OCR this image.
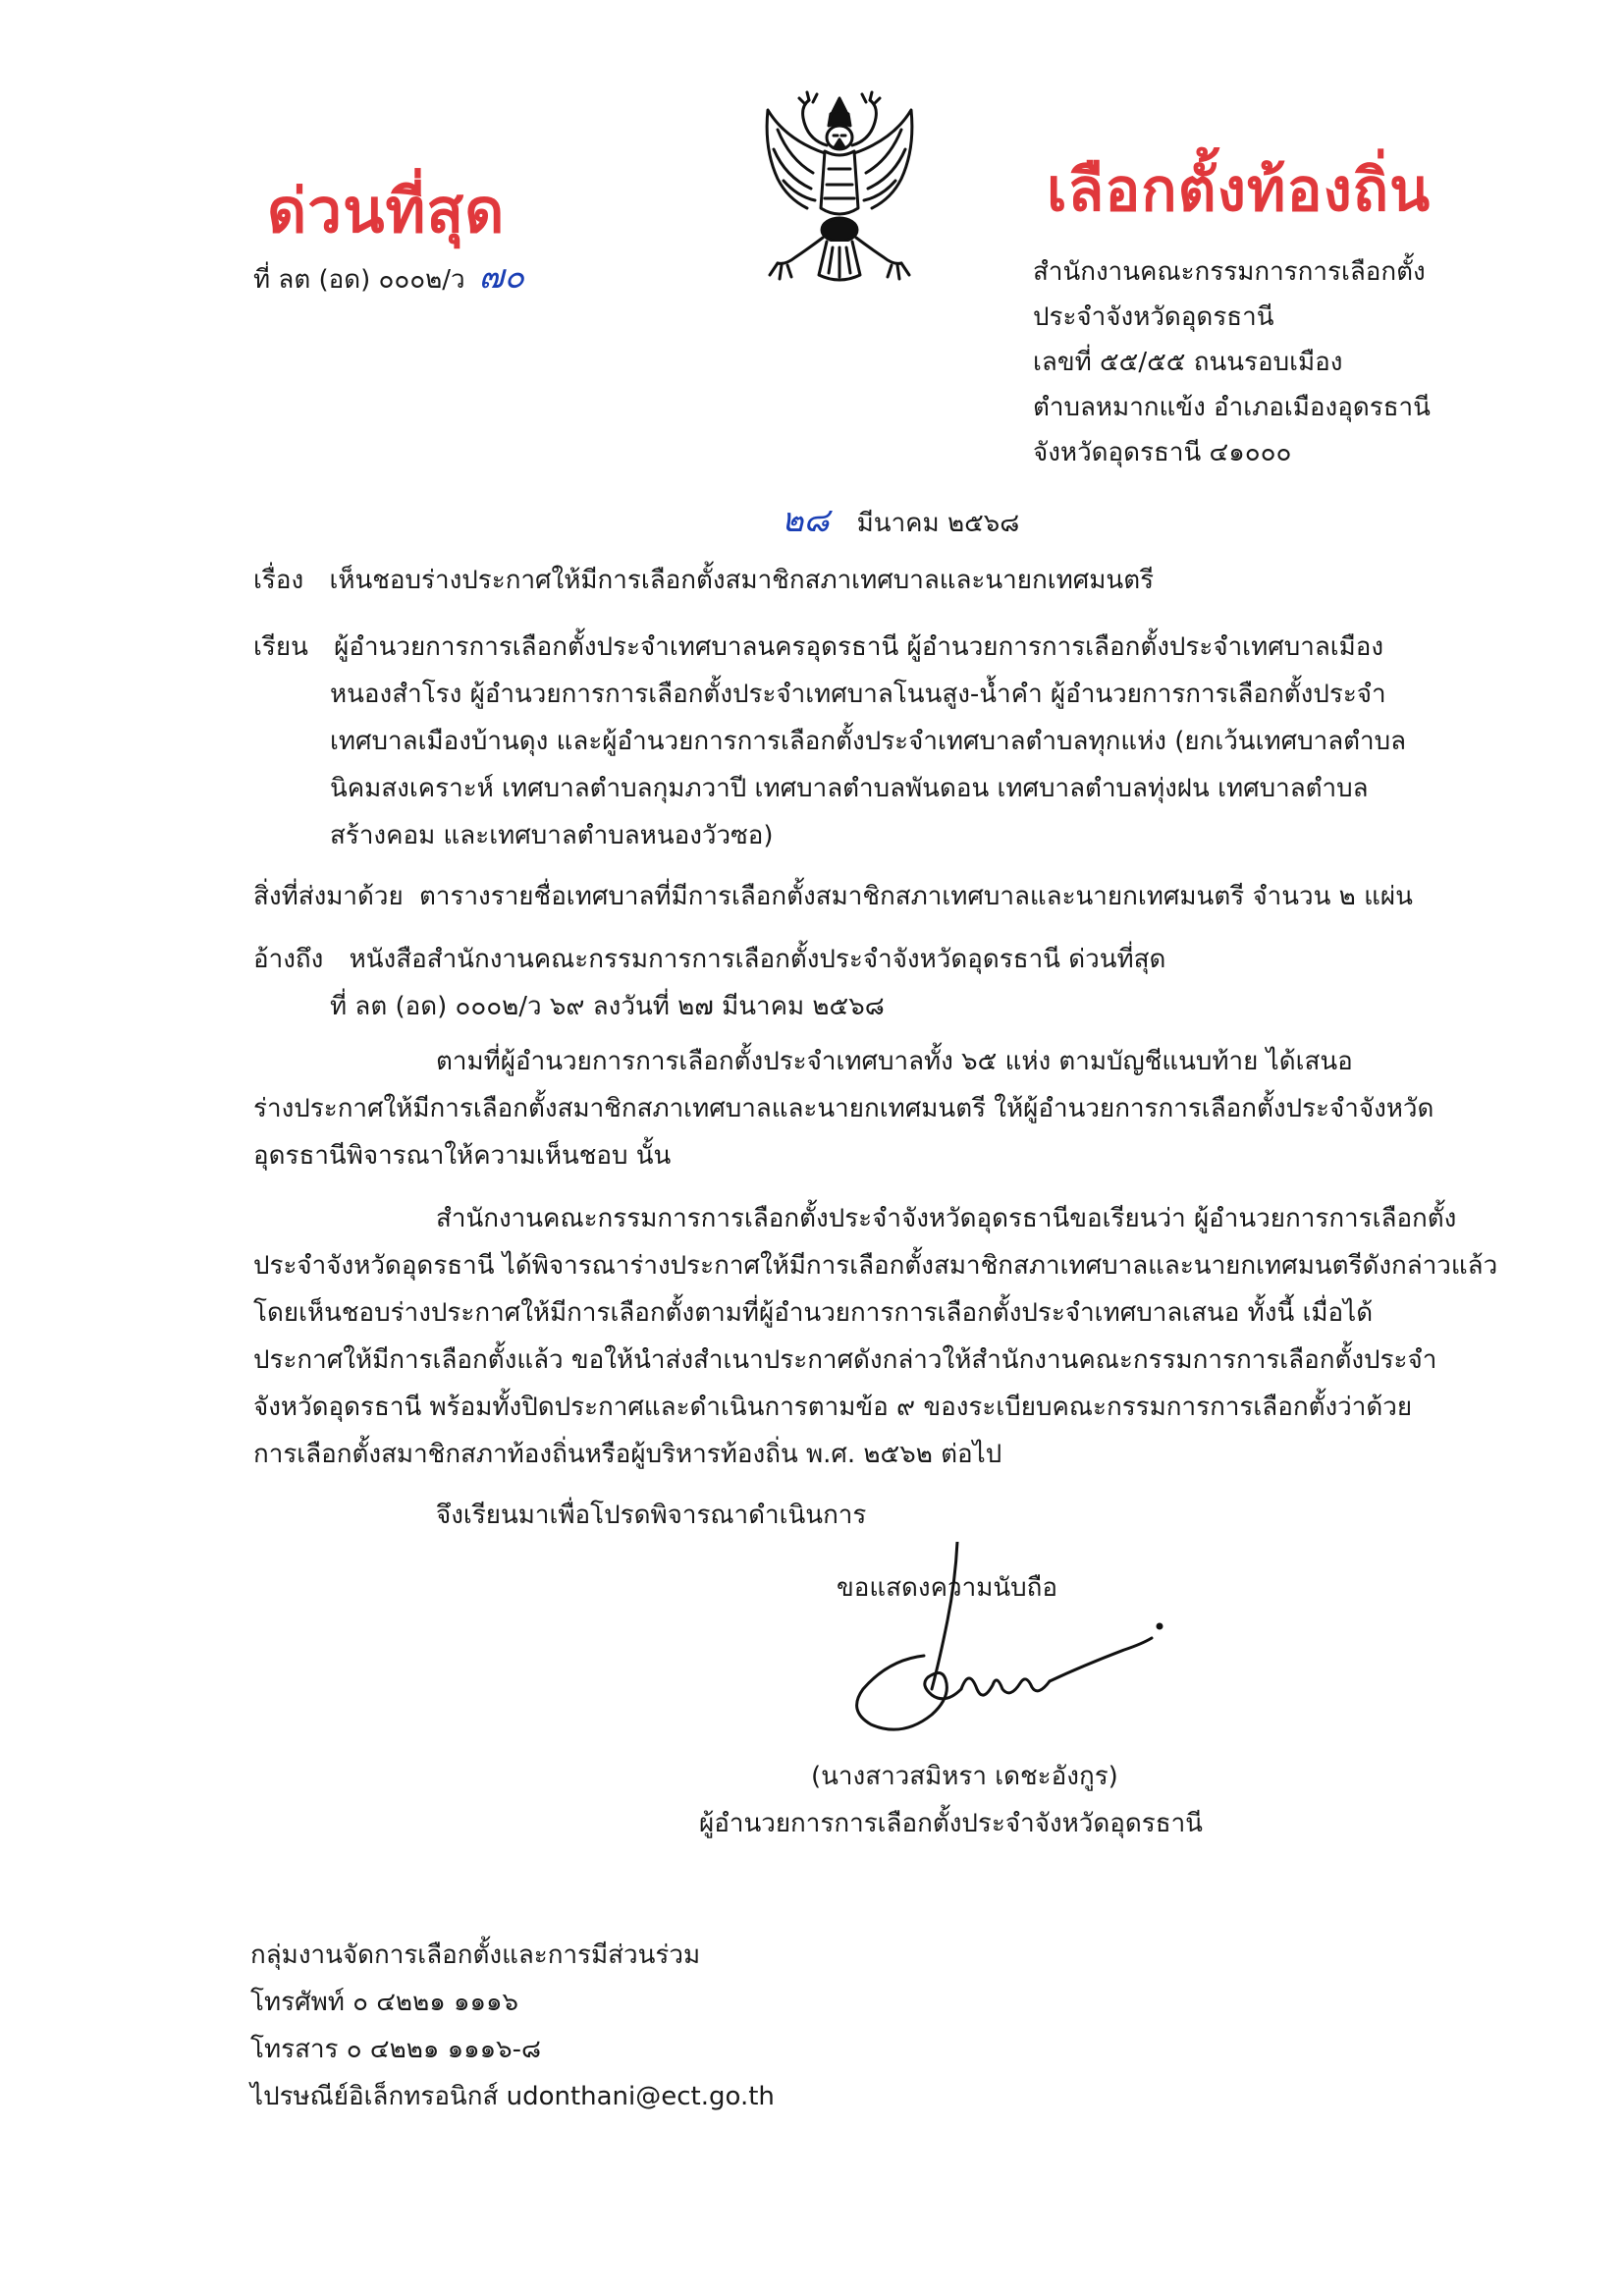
ด่วนที่สุด	เลือกตั้งท้องถิ่น
ที่ ลต (อด) ๐๐๐๒/ว ๗๐	สำนักงานคณะกรรมการการเลือกตั้ง
ประจำจังหวัดอุดรธานี
เลขที่ ๕๕/๕๕ ถนนรอบเมือง
ตำบลหมากแข้ง อำเภอเมืองอุดรธานี
จังหวัดอุดรธานี ๔๑๐๐๐
๒๘ มีนาคม ๒๕๖๘
เรื่อง เห็นชอบร่างประกาศให้มีการเลือกตั้งสมาชิกสภาเทศบาลและนายกเทศมนตรี
เรียน ผู้อำนวยการการเลือกตั้งประจำเทศบาลนครอุดรธานี ผู้อำนวยการการเลือกตั้งประจำเทศบาลเมือง
หนองสำโรง ผู้อำนวยการการเลือกตั้งประจำเทศบาลโนนสูง-น้ำคำ ผู้อำนวยการการเลือกตั้งประจำ
เทศบาลเมืองบ้านดุง และผู้อำนวยการการเลือกตั้งประจำเทศบาลตำบลทุกแห่ง (ยกเว้นเทศบาลตำบล
นิคมสงเคราะห์ เทศบาลตำบลกุมภวาปี เทศบาลตำบลพันดอน เทศบาลตำบลทุ่งฝน เทศบาลตำบล
สร้างคอม และเทศบาลตำบลหนองวัวซอ)
สิ่งที่ส่งมาด้วย ตารางรายชื่อเทศบาลที่มีการเลือกตั้งสมาชิกสภาเทศบาลและนายกเทศมนตรี จำนวน ๒ แผ่น
อ้างถึง หนังสือสำนักงานคณะกรรมการการเลือกตั้งประจำจังหวัดอุดรธานี ด่วนที่สุด
ที่ ลต (อด) ๐๐๐๒/ว ๖๙ ลงวันที่ ๒๗ มีนาคม ๒๕๖๘
ตามที่ผู้อำนวยการการเลือกตั้งประจำเทศบาลทั้ง ๖๕ แห่ง ตามบัญชีแนบท้าย ได้เสนอ
ร่างประกาศให้มีการเลือกตั้งสมาชิกสภาเทศบาลและนายกเทศมนตรี ให้ผู้อำนวยการการเลือกตั้งประจำจังหวัด
อุดรธานีพิจารณาให้ความเห็นชอบ นั้น
สำนักงานคณะกรรมการการเลือกตั้งประจำจังหวัดอุดรธานีขอเรียนว่า ผู้อำนวยการการเลือกตั้ง
ประจำจังหวัดอุดรธานี ได้พิจารณาร่างประกาศให้มีการเลือกตั้งสมาชิกสภาเทศบาลและนายกเทศมนตรีดังกล่าวแล้ว
โดยเห็นชอบร่างประกาศให้มีการเลือกตั้งตามที่ผู้อำนวยการการเลือกตั้งประจำเทศบาลเสนอ ทั้งนี้ เมื่อได้
ประกาศให้มีการเลือกตั้งแล้ว ขอให้นำส่งสำเนาประกาศดังกล่าวให้สำนักงานคณะกรรมการการเลือกตั้งประจำ
จังหวัดอุดรธานี พร้อมทั้งปิดประกาศและดำเนินการตามข้อ ๙ ของระเบียบคณะกรรมการการเลือกตั้งว่าด้วย
การเลือกตั้งสมาชิกสภาท้องถิ่นหรือผู้บริหารท้องถิ่น พ.ศ. ๒๕๖๒ ต่อไป
จึงเรียนมาเพื่อโปรดพิจารณาดำเนินการ
ขอแสดงความนับถือ
(นางสาวสมิหรา เดชะอังกูร)
ผู้อำนวยการการเลือกตั้งประจำจังหวัดอุดรธานี
กลุ่มงานจัดการเลือกตั้งและการมีส่วนร่วม
โทรศัพท์ ๐ ๔๒๒๑ ๑๑๑๖
โทรสาร ๐ ๔๒๒๑ ๑๑๑๖-๘
ไปรษณีย์อิเล็กทรอนิกส์ udonthani@ect.go.th
